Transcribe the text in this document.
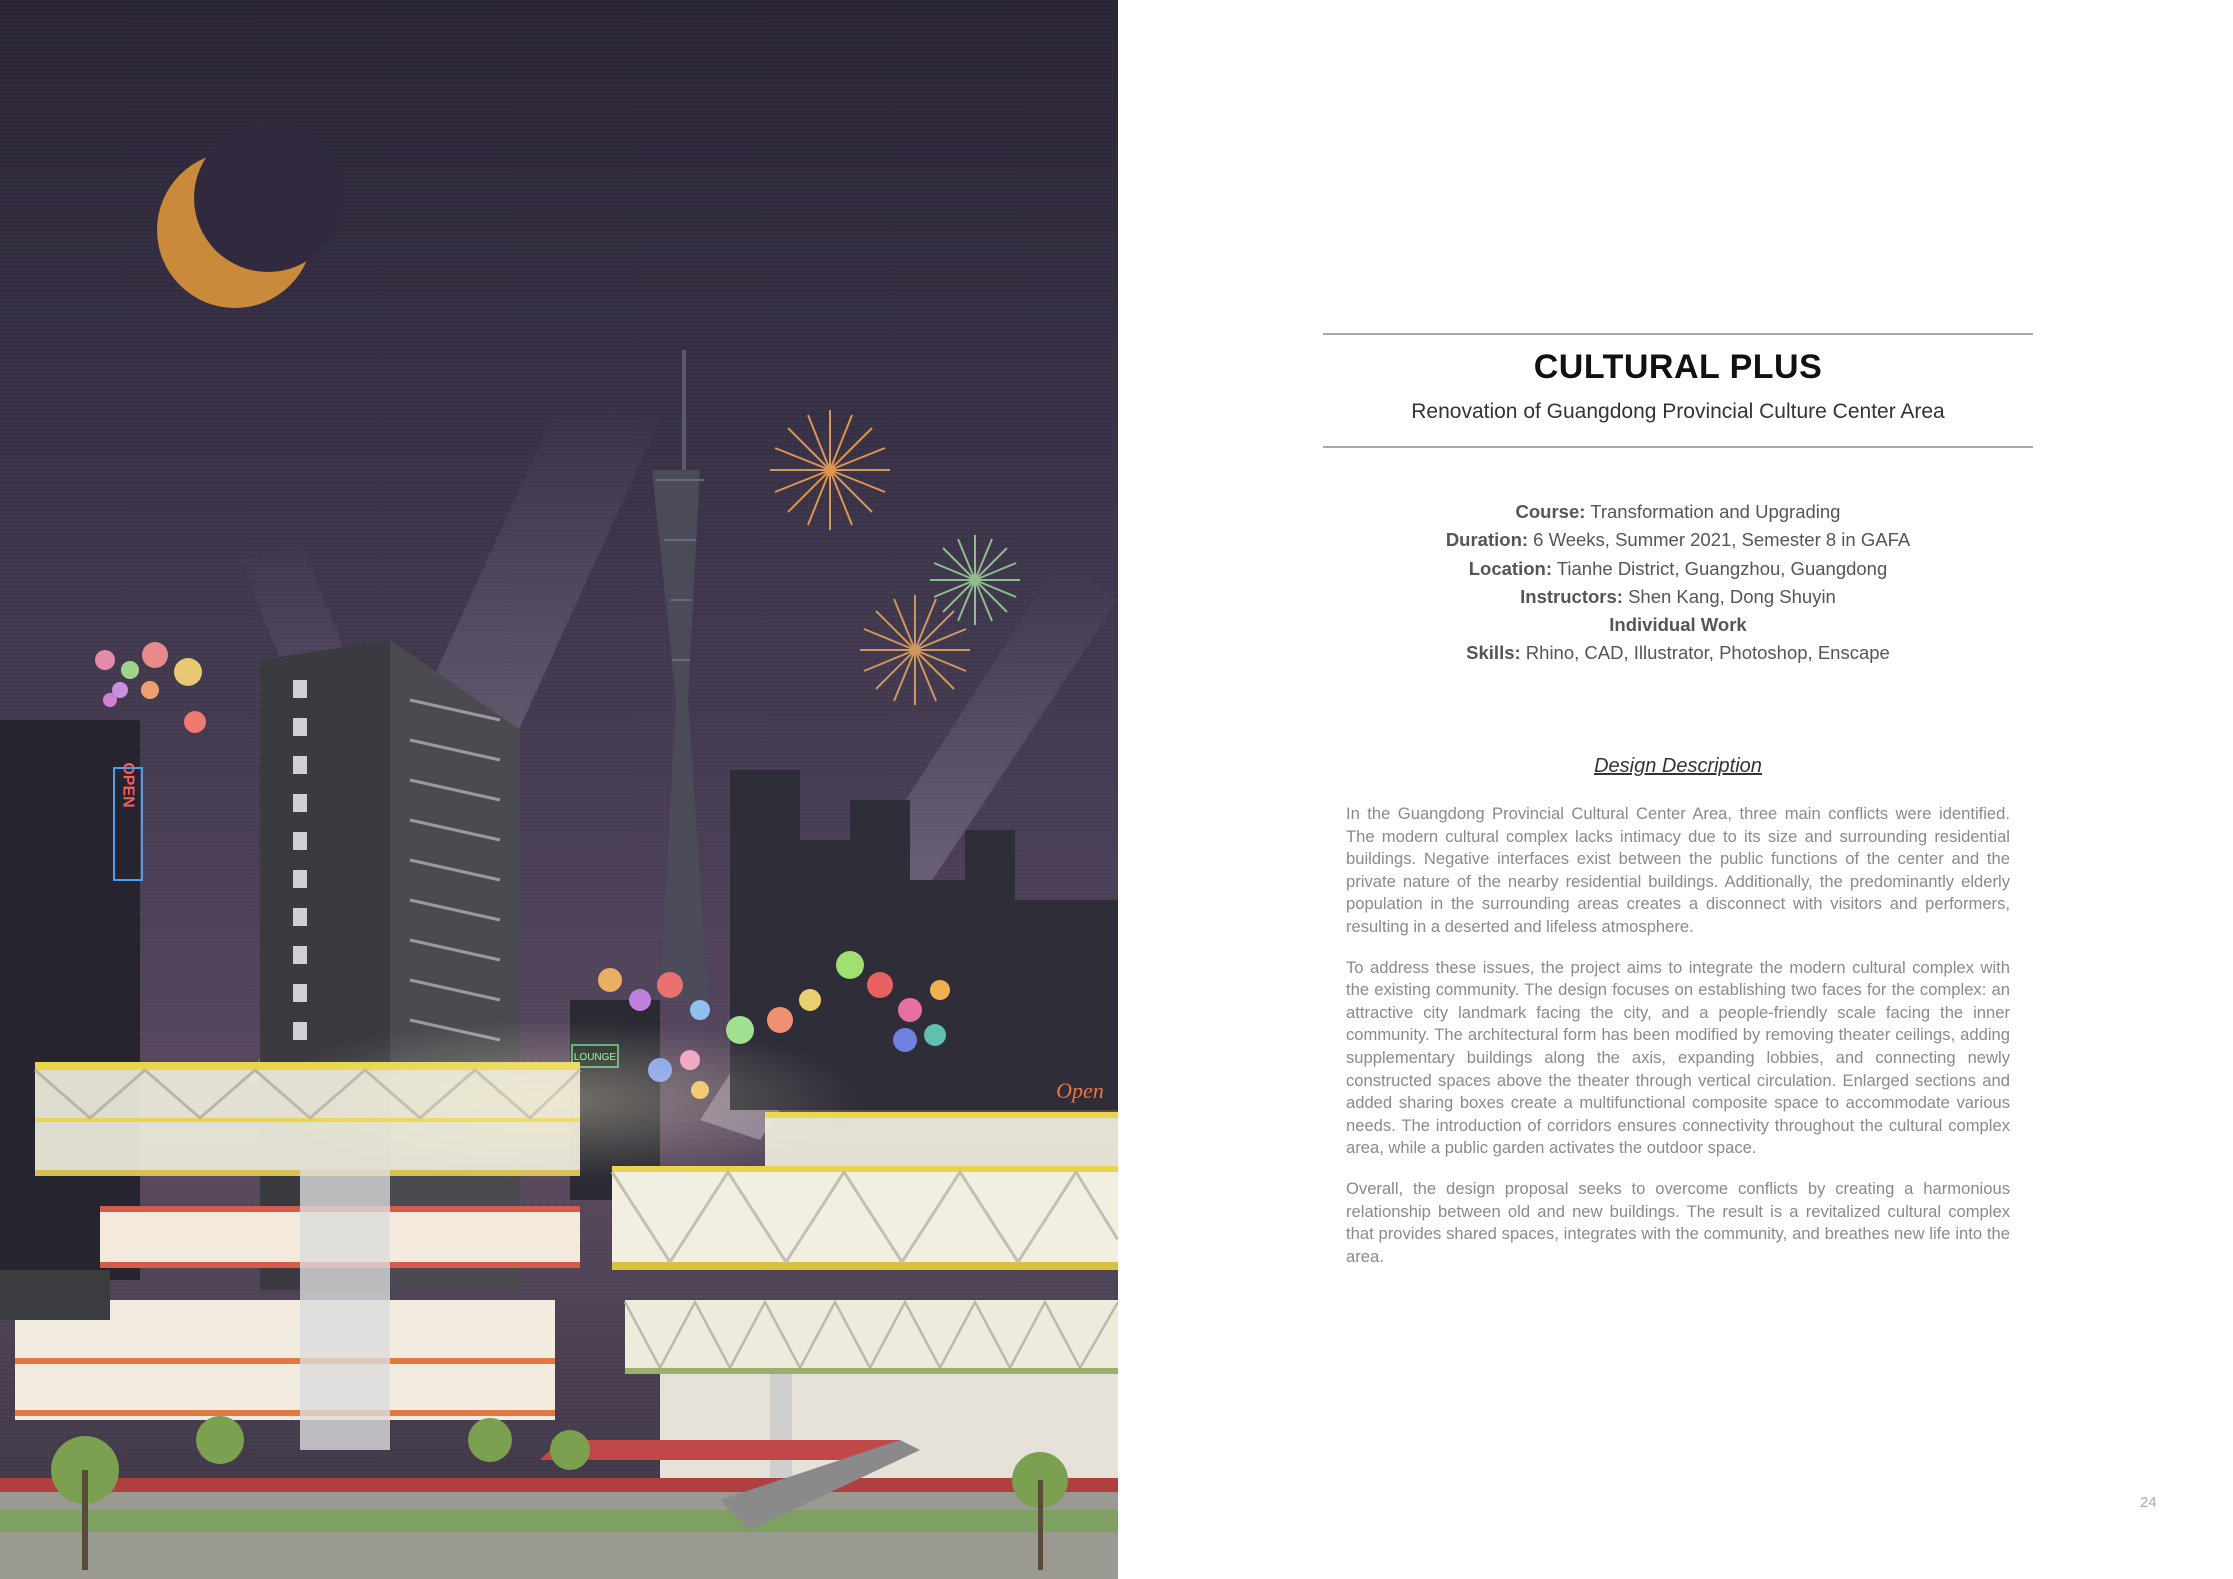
OPEN
Open
CULTURAL PLUS
Renovation of Guangdong Provincial Culture Center Area
Course: Transformation and Upgrading
Duration: 6 Weeks, Summer 2021, Semester 8 in GAFA
Location: Tianhe District, Guangzhou, Guangdong
Instructors: Shen Kang, Dong Shuyin
Individual Work
Skills: Rhino, CAD, Illustrator, Photoshop, Enscape
Design Description

In the Guangdong Provincial Cultural Center Area, three main conflicts were identified. The modern cultural complex lacks intimacy due to its size and surrounding residential buildings. Negative interfaces exist between the public functions of the center and the private nature of the nearby residential buildings. Additionally, the predominantly elderly population in the surrounding areas creates a disconnect with visitors and performers, resulting in a deserted and lifeless atmosphere.

To address these issues, the project aims to integrate the modern cultural complex with the existing community. The design focuses on establishing two faces for the complex: an attractive city landmark facing the city, and a people-friendly scale facing the inner community. The architectural form has been modified by removing theater ceilings, adding supplementary buildings along the axis, expanding lobbies, and connecting newly constructed spaces above the theater through vertical circulation. Enlarged sections and added sharing boxes create a multifunctional composite space to accommodate various needs. The introduction of corridors ensures connectivity throughout the cultural complex area, while a public garden activates the outdoor space.

Overall, the design proposal seeks to overcome conflicts by creating a harmonious relationship between old and new buildings. The result is a revitalized cultural complex that provides shared spaces, integrates with the community, and breathes new life into the area.

24
